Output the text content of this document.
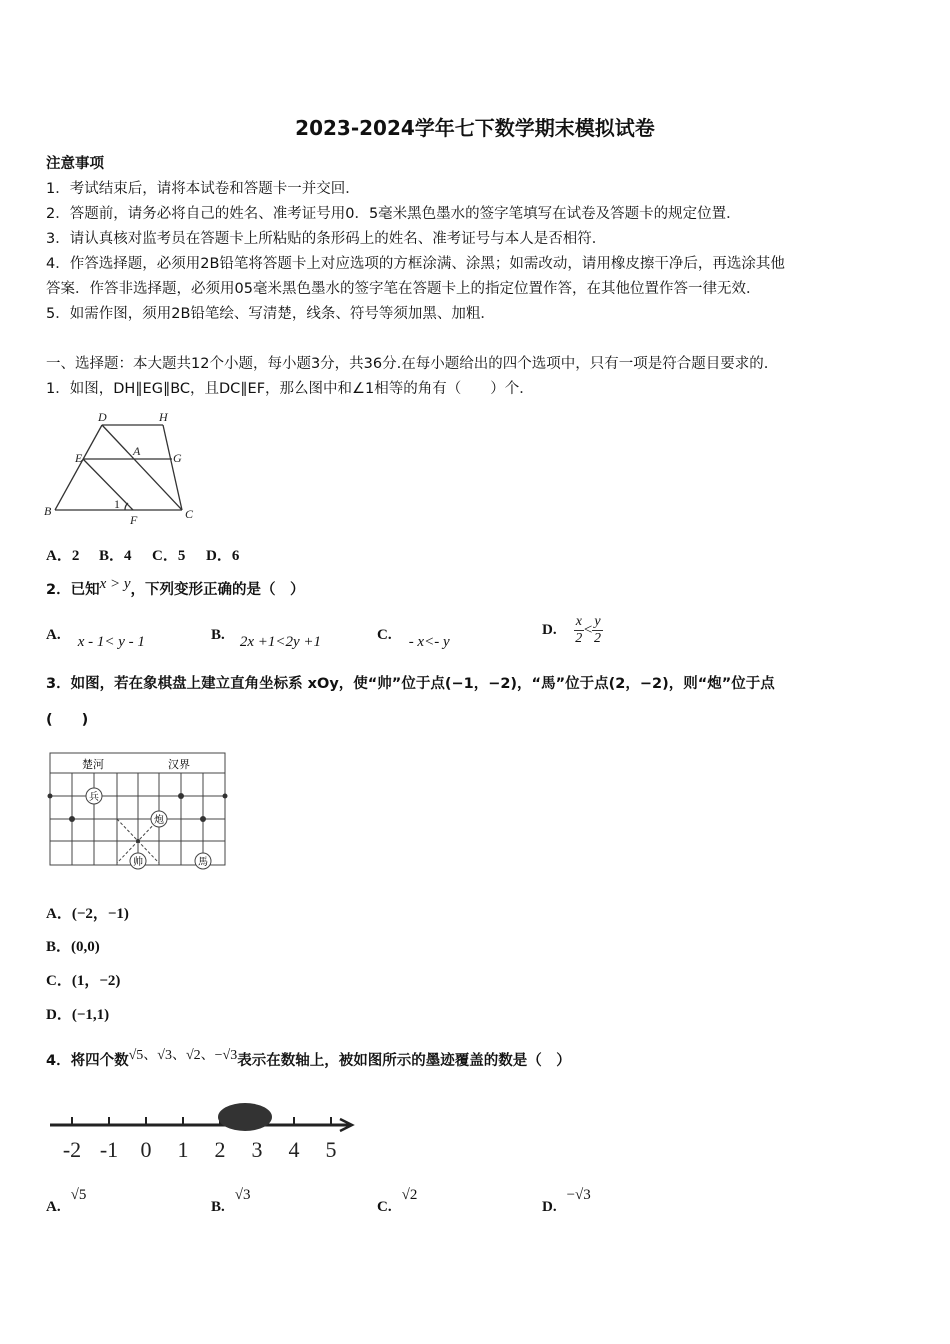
2023-2024学年七下数学期末模拟试卷
注意事项
1．考试结束后，请将本试卷和答题卡一并交回．
2．答题前，请务必将自己的姓名、准考证号用0．5毫米黑色墨水的签字笔填写在试卷及答题卡的规定位置．
3．请认真核对监考员在答题卡上所粘贴的条形码上的姓名、准考证号与本人是否相符．
4．作答选择题，必须用2B铅笔将答题卡上对应选项的方框涂满、涂黑；如需改动，请用橡皮擦干净后，再选涂其他
答案．作答非选择题，必须用05毫米黑色墨水的签字笔在答题卡上的指定位置作答，在其他位置作答一律无效．
5．如需作图，须用2B铅笔绘、写清楚，线条、符号等须加黑、加粗．
一、选择题：本大题共12个小题，每小题3分，共36分.在每小题给出的四个选项中，只有一项是符合题目要求的.
1．如图，DH∥EG∥BC，且DC∥EF，那么图中和∠1相等的角有（　　）个．
D	H
E	A	G
B
F	C
1
A．2 B．4 C．5 D．6
2．已知x > y，下列变形正确的是（　）
A. x - 1< y - 1	B. 2x +1<2y +1	C. - x<- y
D. $\frac{x}{2} < \frac{y}{2}$
3．如图，若在象棋盘上建立直角坐标系 xOy，使“帅”位于点(−1，−2)，“馬”位于点(2，−2)，则“炮”位于点
(　　)
楚河	汉界
兵
炮
帅	馬
A．(−2，−1)
B．(0,0)
C．(1，−2)
D．(−1,1)
4．将四个数√5、√3、√2、−√3表示在数轴上，被如图所示的墨迹覆盖的数是（　）
-2 -1 0 1 2 3 4 5
A.√5
B.√3
C.√2
D.−√3
